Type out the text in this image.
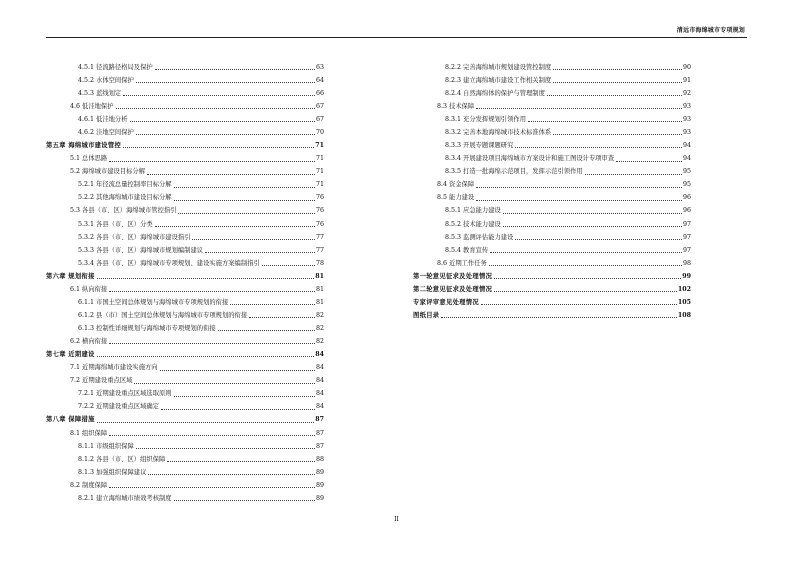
清远市海绵城市专项规划
4.5.1 径流路径格局及保护	63
4.5.2 水体空间保护	64
4.5.3 蓝线划定	66
4.6 低洼地保护	67
4.6.1 低洼地分析	67
4.6.2 洼地空间保护	70
第五章 海绵城市建设管控	71
5.1 总体思路	71
5.2 海绵城市建设目标分解	71
5.2.1 年径流总量控制率目标分解	71
5.2.2 其他海绵城市建设目标分解	76
5.3 各县（市、区）海绵城市管控指引	76
5.3.1 各县（市、区）分类	76
5.3.2 各县（市、区）海绵城市建设指引	77
5.3.3 各县（市、区）海绵城市规划编制建议	77
5.3.4 各县（市、区）海绵城市专项规划、建设实施方案编制指引	78
第六章 规划衔接	81
6.1 纵向衔接	81
6.1.1 市国土空间总体规划与海绵城市专项规划的衔接	81
6.1.2 县（市）国土空间总体规划与海绵城市专项规划的衔接	82
6.1.3 控制性详细规划与海绵城市专项规划的衔接	82
6.2 横向衔接	82
第七章 近期建设	84
7.1 近期海绵城市建设实施方向	84
7.2 近期建设重点区域	84
7.2.1 近期建设重点区域选取原则	84
7.2.2 近期建设重点区域确定	84
第八章 保障措施	87
8.1 组织保障	87
8.1.1 市级组织保障	87
8.1.2 各县（市、区）组织保障	88
8.1.3 加强组织保障建议	89
8.2 制度保障	89
8.2.1 建立海绵城市绩效考核制度	89
8.2.2 完善海绵城市规划建设管控制度	90
8.2.3 建立海绵城市建设工作相关制度	91
8.2.4 自然海绵体的保护与管理制度	92
8.3 技术保障	93
8.3.1 充分发挥规划引领作用	93
8.3.2 完善本地海绵城市技术标准体系	93
8.3.3 开展专题课题研究	94
8.3.4 开展建设项目海绵城市方案设计和施工图设计专项审查	94
8.3.5 打造一批海绵示范项目，发挥示范引领作用	95
8.4 资金保障	95
8.5 能力建设	96
8.5.1 应急能力建设	96
8.5.2 技术能力建设	97
8.5.3 监测评估能力建设	97
8.5.4 教育宣传	97
8.6 近期工作任务	98
第一轮意见征求及处理情况	99
第二轮意见征求及处理情况	102
专家评审意见处理情况	105
图纸目录	108
II
